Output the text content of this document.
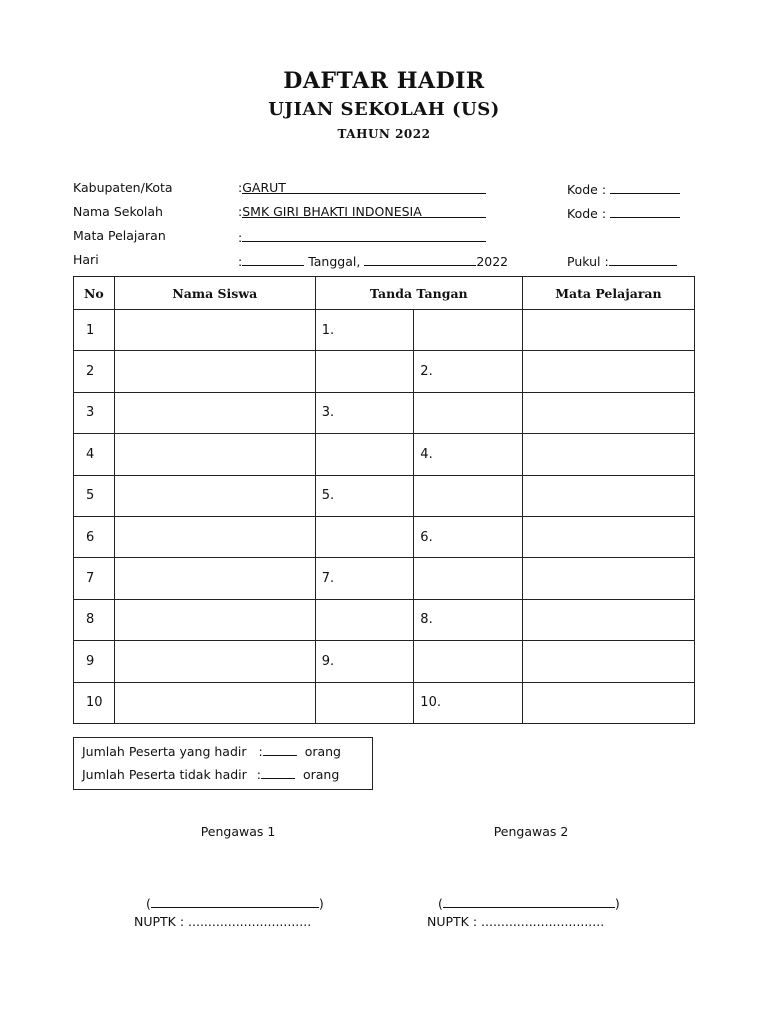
DAFTAR HADIR
UJIAN SEKOLAH (US)
TAHUN 2022
Kabupaten/Kota	:GARUT	Kode :
Nama Sekolah	:SMK GIRI BHAKTI INDONESIA	Kode :
Mata Pelajaran	:
Hari	:	Tanggal,	2022	Pukul :
No	Nama Siswa	Tanda Tangan		Mata Pelajaran
1		1.		
2			2.	
3		3.		
4			4.	
5		5.		
6			6.	
7		7.		
8			8.	
9		9.		
10			10.	
Jumlah Peserta yang hadir :	orang
Jumlah Peserta tidak hadir :	orang
Pengawas 1	Pengawas 2
(	)	(	)
NUPTK : ...............................	NUPTK : ...............................
